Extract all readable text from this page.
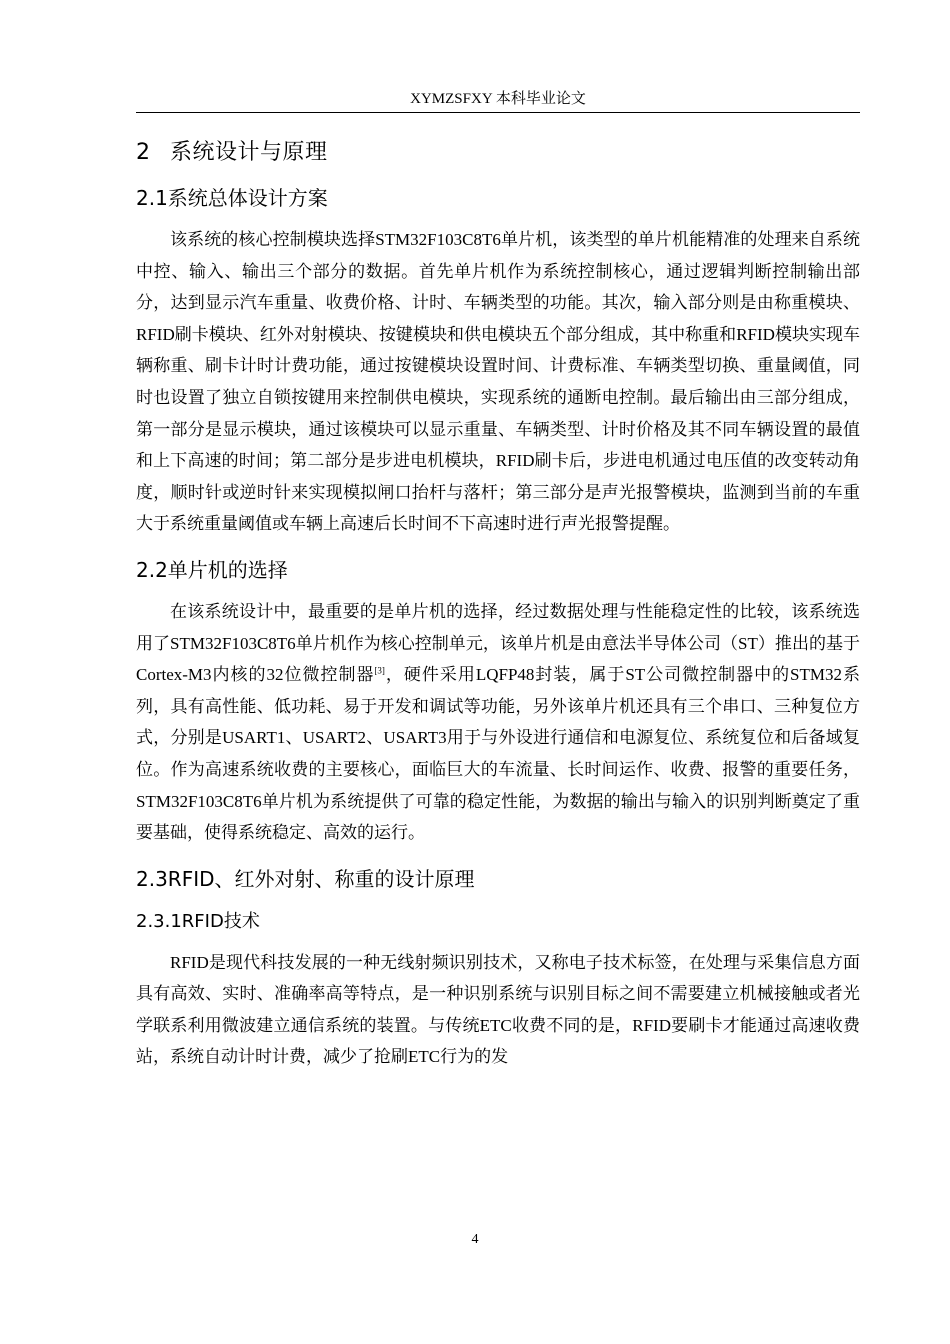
XYMZSFXY 本科毕业论文
2 系统设计与原理
2.1系统总体设计方案

该系统的核心控制模块选择STM32F103C8T6单片机，该类型的单片机能精准的处理来自系统中控、输入、输出三个部分的数据。首先单片机作为系统控制核心，通过逻辑判断控制输出部分，达到显示汽车重量、收费价格、计时、车辆类型的功能。其次，输入部分则是由称重模块、RFID刷卡模块、红外对射模块、按键模块和供电模块五个部分组成，其中称重和RFID模块实现车辆称重、刷卡计时计费功能，通过按键模块设置时间、计费标准、车辆类型切换、重量阈值，同时也设置了独立自锁按键用来控制供电模块，实现系统的通断电控制。最后输出由三部分组成，第一部分是显示模块，通过该模块可以显示重量、车辆类型、计时价格及其不同车辆设置的最值和上下高速的时间；第二部分是步进电机模块，RFID刷卡后，步进电机通过电压值的改变转动角度，顺时针或逆时针来实现模拟闸口抬杆与落杆；第三部分是声光报警模块，监测到当前的车重大于系统重量阈值或车辆上高速后长时间不下高速时进行声光报警提醒。

2.2单片机的选择

在该系统设计中，最重要的是单片机的选择，经过数据处理与性能稳定性的比较，该系统选用了STM32F103C8T6单片机作为核心控制单元，该单片机是由意法半导体公司（ST）推出的基于Cortex-M3内核的32位微控制器[3]，硬件采用LQFP48封装，属于ST公司微控制器中的STM32系列，具有高性能、低功耗、易于开发和调试等功能，另外该单片机还具有三个串口、三种复位方式，分别是USART1、USART2、USART3用于与外设进行通信和电源复位、系统复位和后备域复位。作为高速系统收费的主要核心，面临巨大的车流量、长时间运作、收费、报警的重要任务，STM32F103C8T6单片机为系统提供了可靠的稳定性能，为数据的输出与输入的识别判断奠定了重要基础，使得系统稳定、高效的运行。

2.3RFID、红外对射、称重的设计原理
2.3.1RFID技术

RFID是现代科技发展的一种无线射频识别技术，又称电子技术标签，在处理与采集信息方面具有高效、实时、准确率高等特点，是一种识别系统与识别目标之间不需要建立机械接触或者光学联系利用微波建立通信系统的装置。与传统ETC收费不同的是，RFID要刷卡才能通过高速收费站，系统自动计时计费，减少了抢刷ETC行为的发

4
